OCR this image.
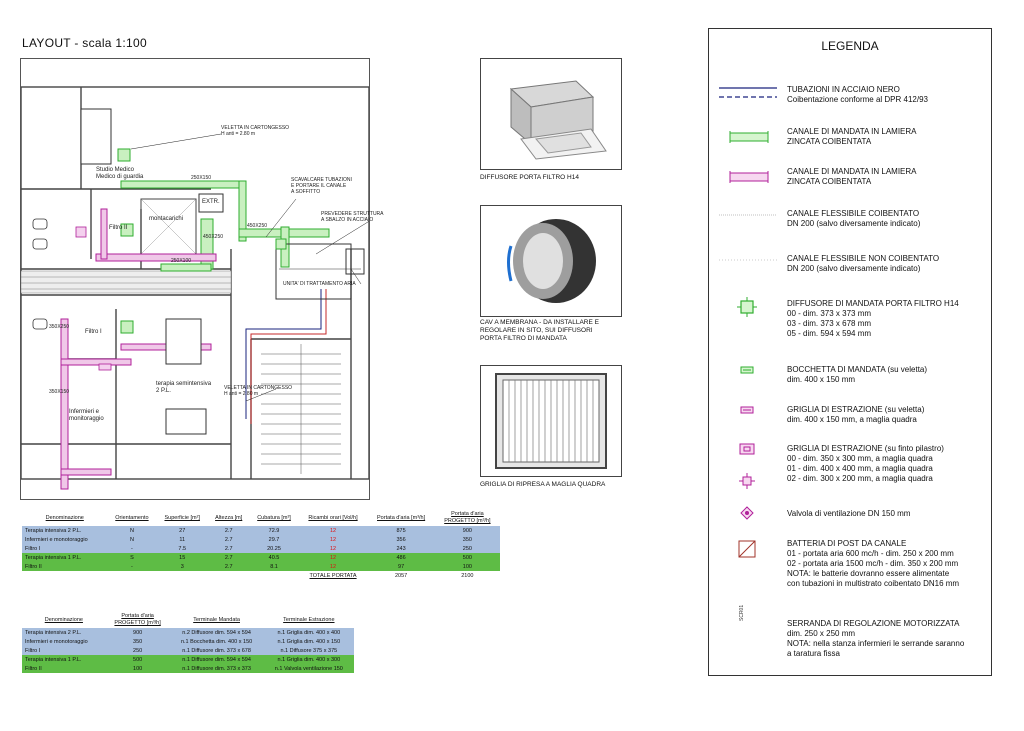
LAYOUT - scala 1:100
VELETTA IN CARTONGESSO
H anti = 2.80 m
Studio Medico
Medico di guardia
montacarichi
EXTR.
Filtro II
Filtro I
terapia semintensiva
2 P.L.
Infermieri e
monitoraggio
SCAVALCARE TUBAZIONI
E PORTARE IL CANALE
A SOFFITTO
PREVEDERE STRUTTURA
A SBALZO IN ACCIAIO
UNITA' DI TRATTAMENTO ARIA
VELETTA IN CARTONGESSO
H anti = 2.80 m
250X150
450X250
450X250
250X100
350X250
350X150
DIFFUSORE PORTA FILTRO H14
CAV A MEMBRANA - DA INSTALLARE E
REGOLARE IN SITO, SUI DIFFUSORI
PORTA FILTRO DI MANDATA
GRIGLIA DI RIPRESA A MAGLIA QUADRA
Denominazione	Orientamento	Superficie [m²]	Altezza [m]	Cubatura [m³]	Ricambi orari [Vol/h]	Portata d'aria [m³/h]	Portata d'aria
PROGETTO [m³/h]
Terapia intensiva 2 P.L.	N	27	2.7	72.9	12	875	900
Infermieri e monotoraggio	N	11	2.7	29.7	12	356	350
Filtro I	-	7.5	2.7	20.25	12	243	250
Terapia intensiva 1 P.L.	S	15	2.7	40.5	12	486	500
Filtro II	-	3	2.7	8.1	12	97	100
					TOTALE PORTATA	2057	2100
Denominazione	Portata d'aria
PROGETTO [m³/h]	Terminale Mandata	Terminale Estrazione
Terapia intensiva 2 P.L.	900	n.2 Diffusore dim. 594 x 594	n.1 Griglia dim. 400 x 400
Infermieri e monotoraggio	350	n.1 Bocchetta dim. 400 x 150	n.1 Griglia dim. 400 x 150
Filtro I	250	n.1 Diffusore dim. 373 x 678	n.1 Diffusore 375 x 375
Terapia intensiva 1 P.L.	500	n.1 Diffusore dim. 594 x 594	n.1 Griglia dim. 400 x 300
Filtro II	100	n.1 Diffusore dim. 373 x 373	n.1 Valvola ventilazione 150
LEGENDA
TUBAZIONI IN ACCIAIO NERO
Coibentazione conforme al DPR 412/93
CANALE DI MANDATA IN LAMIERA
ZINCATA COIBENTATA
CANALE DI MANDATA IN LAMIERA
ZINCATA COIBENTATA
CANALE FLESSIBILE COIBENTATO
DN 200 (salvo diversamente indicato)
CANALE FLESSIBILE NON COIBENTATO
DN 200 (salvo diversamente indicato)
DIFFUSORE DI MANDATA PORTA FILTRO H14
00 - dim. 373 x 373 mm
03 - dim. 373 x 678 mm
05 - dim. 594 x 594 mm
BOCCHETTA DI MANDATA (su veletta)
dim. 400 x 150 mm
GRIGLIA DI ESTRAZIONE (su veletta)
dim. 400 x 150 mm, a maglia quadra
GRIGLIA DI ESTRAZIONE (su finto pilastro)
00 - dim. 350 x 300 mm, a maglia quadra
01 - dim. 400 x 400 mm, a maglia quadra
02 - dim. 300 x 200 mm, a maglia quadra
Valvola di ventilazione DN 150 mm
BATTERIA DI POST DA CANALE
01 - portata aria 600 mc/h - dim. 250 x 200 mm
02 - portata aria 1500 mc/h - dim. 350 x 200 mm
NOTA: le batterie dovranno essere alimentate
con tubazioni in multistrato coibentato DN16 mm
SCR01
SERRANDA DI REGOLAZIONE MOTORIZZATA
dim. 250 x 250 mm
NOTA: nella stanza infermieri le serrande saranno
a taratura fissa
